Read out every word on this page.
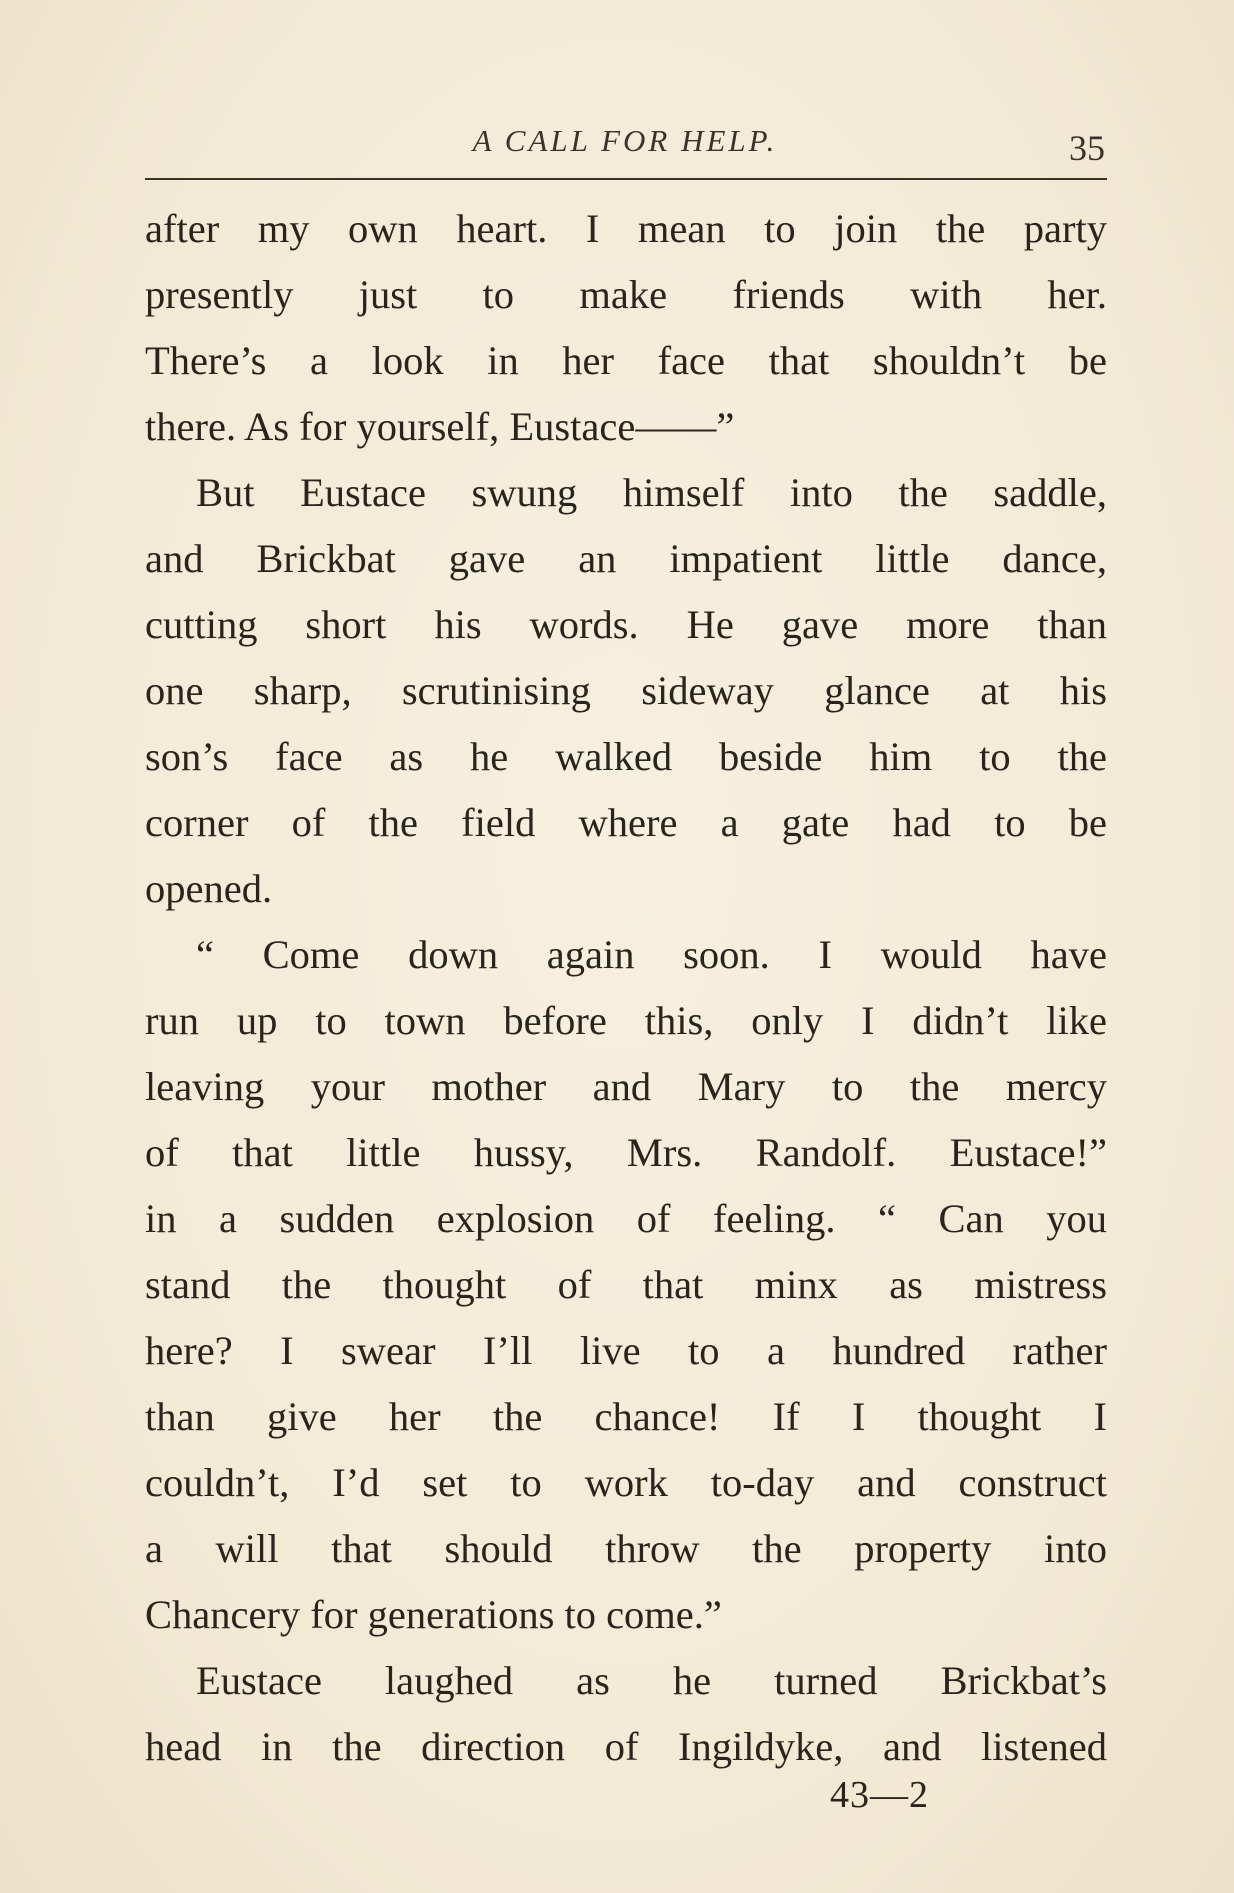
A CALL FOR HELP.	35
after my own heart. I mean to join the party
presently just to make friends with her.
There’s a look in her face that shouldn’t be
there. As for yourself, Eustace——”
But Eustace swung himself into the saddle,
and Brickbat gave an impatient little dance,
cutting short his words. He gave more than
one sharp, scrutinising sideway glance at his
son’s face as he walked beside him to the
corner of the field where a gate had to be
opened.
“ Come down again soon. I would have
run up to town before this, only I didn’t like
leaving your mother and Mary to the mercy
of that little hussy, Mrs. Randolf. Eustace!”
in a sudden explosion of feeling. “ Can you
stand the thought of that minx as mistress
here? I swear I’ll live to a hundred rather
than give her the chance! If I thought I
couldn’t, I’d set to work to-day and construct
a will that should throw the property into
Chancery for generations to come.”
Eustace laughed as he turned Brickbat’s
head in the direction of Ingildyke, and listened
43—2
